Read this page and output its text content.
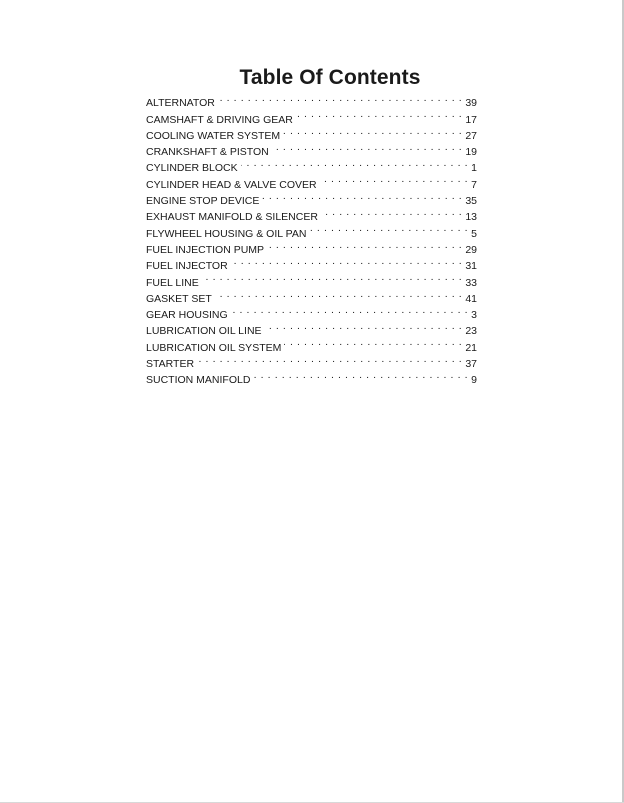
Table Of Contents
ALTERNATOR . . .	39
CAMSHAFT & DRIVING GEAR . . .	17
COOLING WATER SYSTEM . . .	27
CRANKSHAFT & PISTON . . .	19
CYLINDER BLOCK . . .	1
CYLINDER HEAD & VALVE COVER . . .	7
ENGINE STOP DEVICE . . .	35
EXHAUST MANIFOLD & SILENCER . . .	13
FLYWHEEL HOUSING & OIL PAN . . .	5
FUEL INJECTION PUMP . . .	29
FUEL INJECTOR . . .	31
FUEL LINE . . .	33
GASKET SET . . .	41
GEAR HOUSING . . .	3
LUBRICATION OIL LINE . . .	23
LUBRICATION OIL SYSTEM . . .	21
STARTER . . .	37
SUCTION MANIFOLD . . .	9
